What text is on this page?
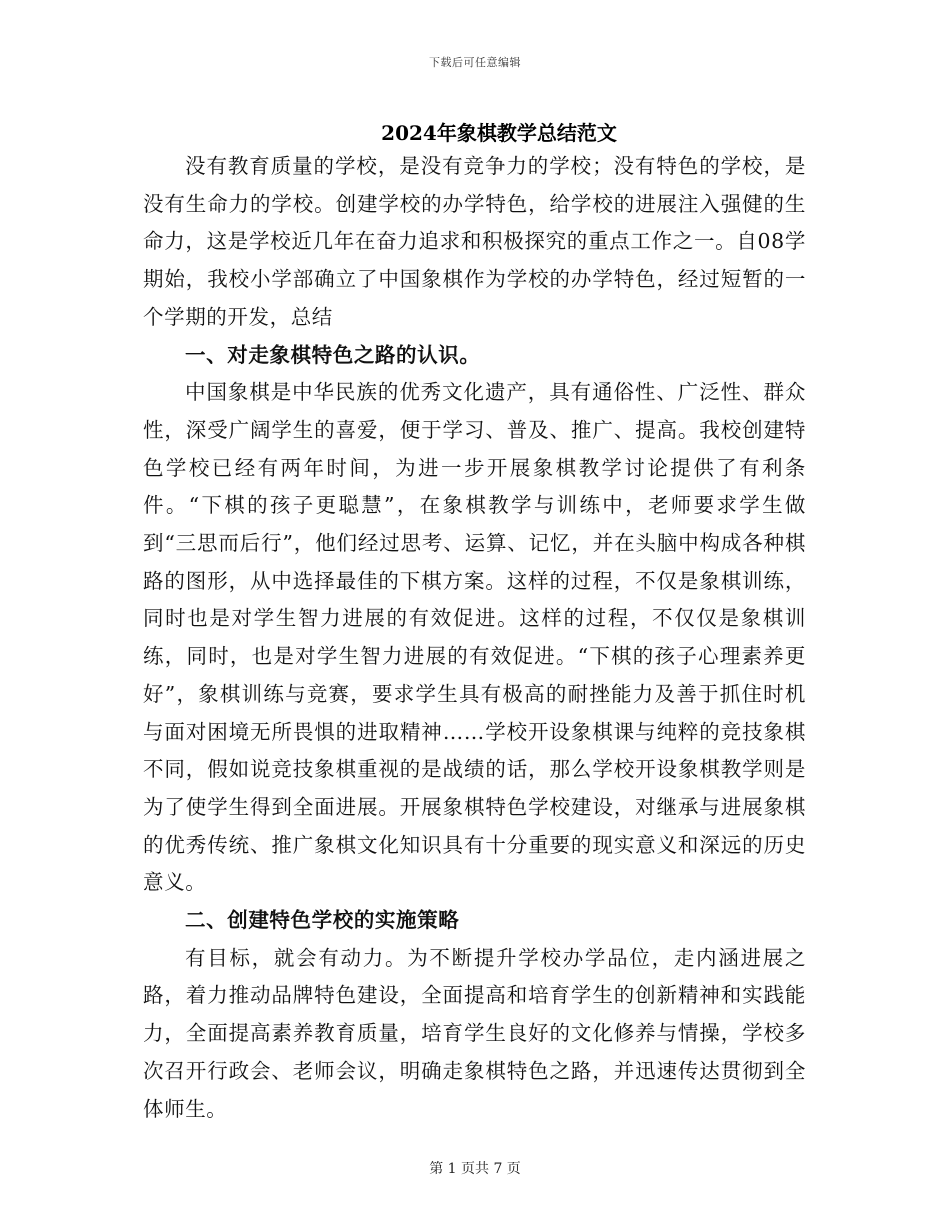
下载后可任意编辑
2024年象棋教学总结范文

没有教育质量的学校，是没有竞争力的学校；没有特色的学校，是没有生命力的学校。创建学校的办学特色，给学校的进展注入强健的生命力，这是学校近几年在奋力追求和积极探究的重点工作之一。自08学期始，我校小学部确立了中国象棋作为学校的办学特色，经过短暂的一个学期的开发，总结

一、对走象棋特色之路的认识。

中国象棋是中华民族的优秀文化遗产，具有通俗性、广泛性、群众性，深受广阔学生的喜爱，便于学习、普及、推广、提高。我校创建特色学校已经有两年时间，为进一步开展象棋教学讨论提供了有利条件。“下棋的孩子更聪慧”，在象棋教学与训练中，老师要求学生做到“三思而后行”，他们经过思考、运算、记忆，并在头脑中构成各种棋路的图形，从中选择最佳的下棋方案。这样的过程，不仅是象棋训练，同时也是对学生智力进展的有效促进。这样的过程，不仅仅是象棋训练，同时，也是对学生智力进展的有效促进。“下棋的孩子心理素养更好”，象棋训练与竞赛，要求学生具有极高的耐挫能力及善于抓住时机与面对困境无所畏惧的进取精神……学校开设象棋课与纯粹的竞技象棋不同，假如说竞技象棋重视的是战绩的话，那么学校开设象棋教学则是为了使学生得到全面进展。开展象棋特色学校建设，对继承与进展象棋的优秀传统、推广象棋文化知识具有十分重要的现实意义和深远的历史意义。

二、创建特色学校的实施策略

有目标，就会有动力。为不断提升学校办学品位，走内涵进展之路，着力推动品牌特色建设，全面提高和培育学生的创新精神和实践能力，全面提高素养教育质量，培育学生良好的文化修养与情操，学校多次召开行政会、老师会议，明确走象棋特色之路，并迅速传达贯彻到全体师生。

第 1 页共 7 页
